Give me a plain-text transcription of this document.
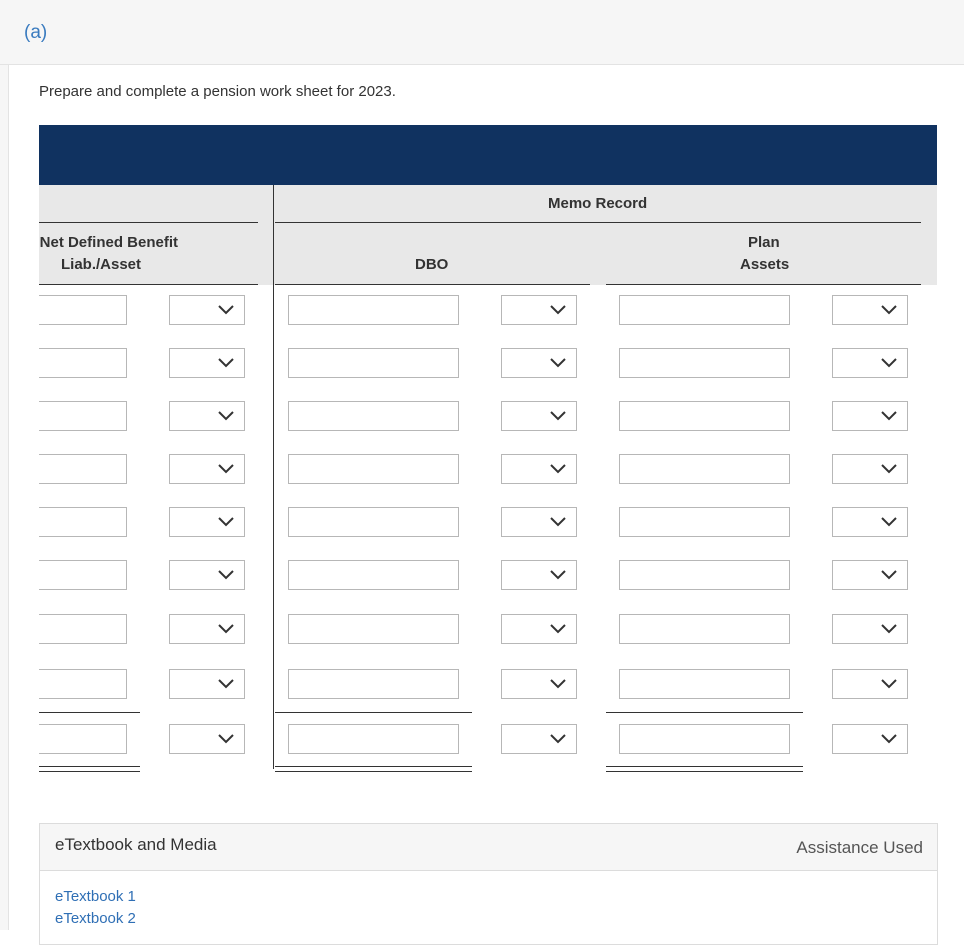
(a)
Prepare and complete a pension work sheet for 2023.
Memo Record
Net Defined Benefit
Liab./Asset	DBO
Plan
Assets
eTextbook and Media	Assistance Used
eTextbook 1
eTextbook 2
